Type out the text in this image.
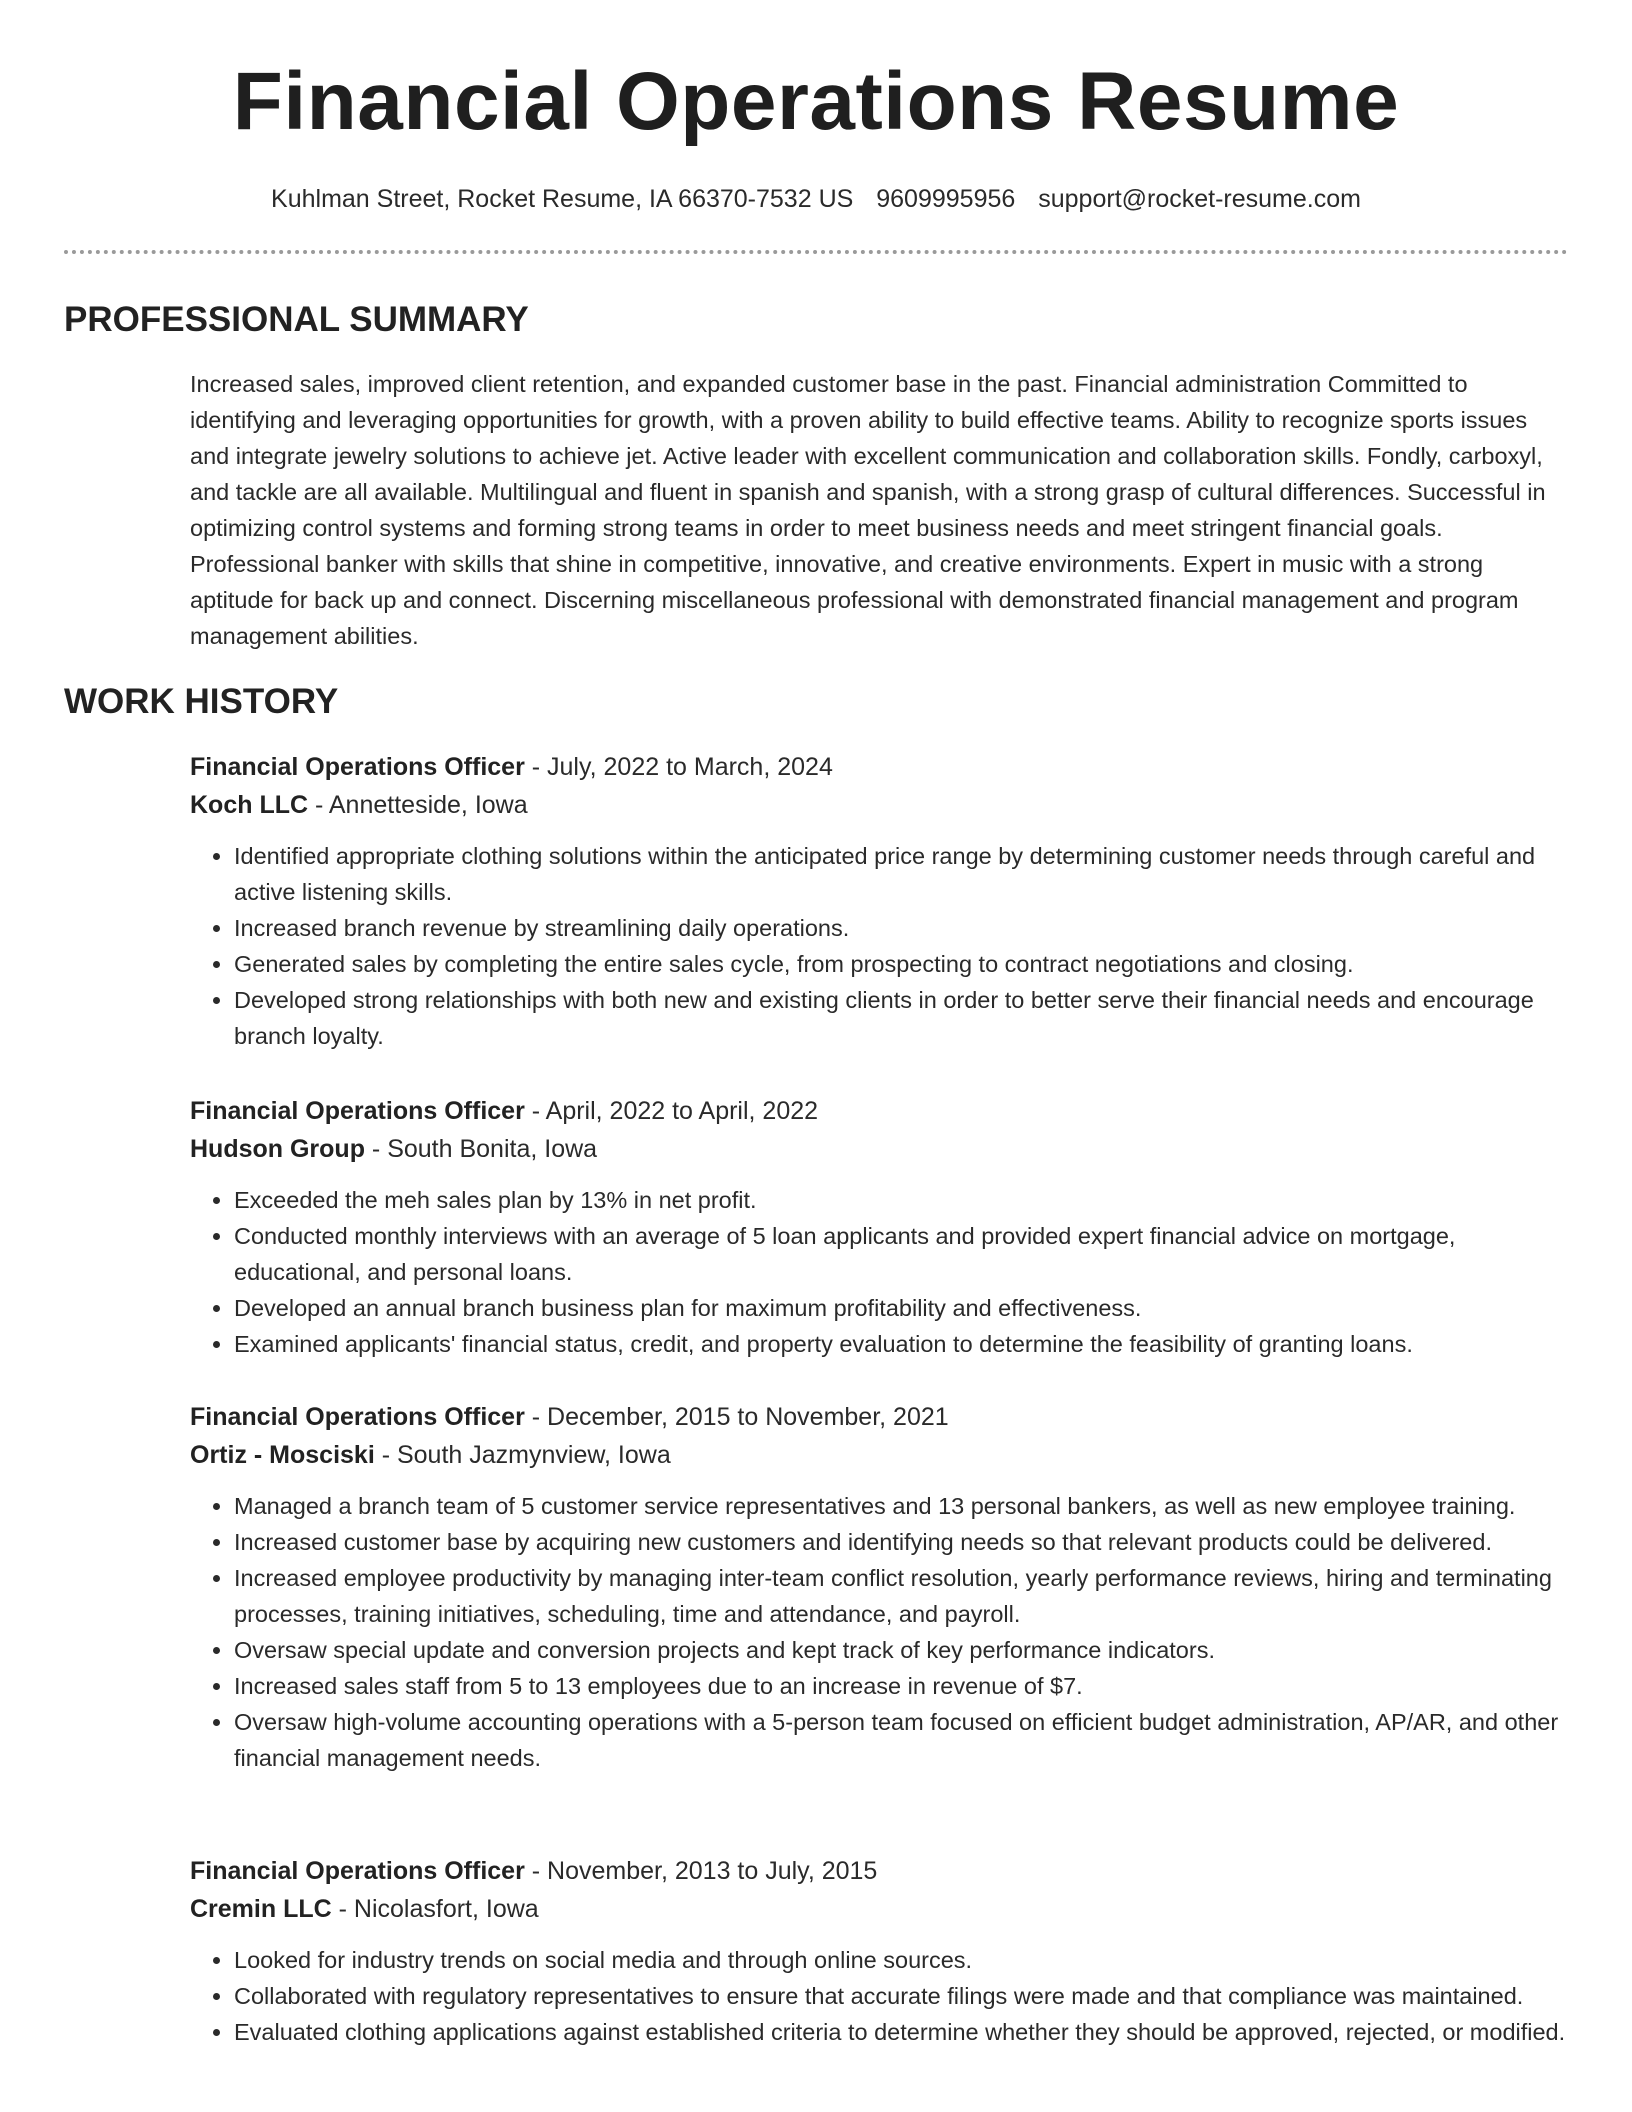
Financial Operations Resume
Kuhlman Street, Rocket Resume, IA 66370-7532 US 9609995956 support@rocket-resume.com
PROFESSIONAL SUMMARY
Increased sales, improved client retention, and expanded customer base in the past. Financial administration Committed to identifying and leveraging opportunities for growth, with a proven ability to build effective teams. Ability to recognize sports issues and integrate jewelry solutions to achieve jet. Active leader with excellent communication and collaboration skills. Fondly, carboxyl, and tackle are all available. Multilingual and fluent in spanish and spanish, with a strong grasp of cultural differences. Successful in optimizing control systems and forming strong teams in order to meet business needs and meet stringent financial goals. Professional banker with skills that shine in competitive, innovative, and creative environments. Expert in music with a strong aptitude for back up and connect. Discerning miscellaneous professional with demonstrated financial management and program management abilities.
WORK HISTORY
Financial Operations Officer - July, 2022 to March, 2024
Koch LLC - Annetteside, Iowa
• Identified appropriate clothing solutions within the anticipated price range by determining customer needs through careful and active listening skills.
• Increased branch revenue by streamlining daily operations.
• Generated sales by completing the entire sales cycle, from prospecting to contract negotiations and closing.
• Developed strong relationships with both new and existing clients in order to better serve their financial needs and encourage branch loyalty.
Financial Operations Officer - April, 2022 to April, 2022
Hudson Group - South Bonita, Iowa
• Exceeded the meh sales plan by 13% in net profit.
• Conducted monthly interviews with an average of 5 loan applicants and provided expert financial advice on mortgage, educational, and personal loans.
• Developed an annual branch business plan for maximum profitability and effectiveness.
• Examined applicants' financial status, credit, and property evaluation to determine the feasibility of granting loans.
Financial Operations Officer - December, 2015 to November, 2021
Ortiz - Mosciski - South Jazmynview, Iowa
• Managed a branch team of 5 customer service representatives and 13 personal bankers, as well as new employee training.
• Increased customer base by acquiring new customers and identifying needs so that relevant products could be delivered.
• Increased employee productivity by managing inter-team conflict resolution, yearly performance reviews, hiring and terminating processes, training initiatives, scheduling, time and attendance, and payroll.
• Oversaw special update and conversion projects and kept track of key performance indicators.
• Increased sales staff from 5 to 13 employees due to an increase in revenue of $7.
• Oversaw high-volume accounting operations with a 5-person team focused on efficient budget administration, AP/AR, and other financial management needs.
Financial Operations Officer - November, 2013 to July, 2015
Cremin LLC - Nicolasfort, Iowa
• Looked for industry trends on social media and through online sources.
• Collaborated with regulatory representatives to ensure that accurate filings were made and that compliance was maintained.
• Evaluated clothing applications against established criteria to determine whether they should be approved, rejected, or modified.
